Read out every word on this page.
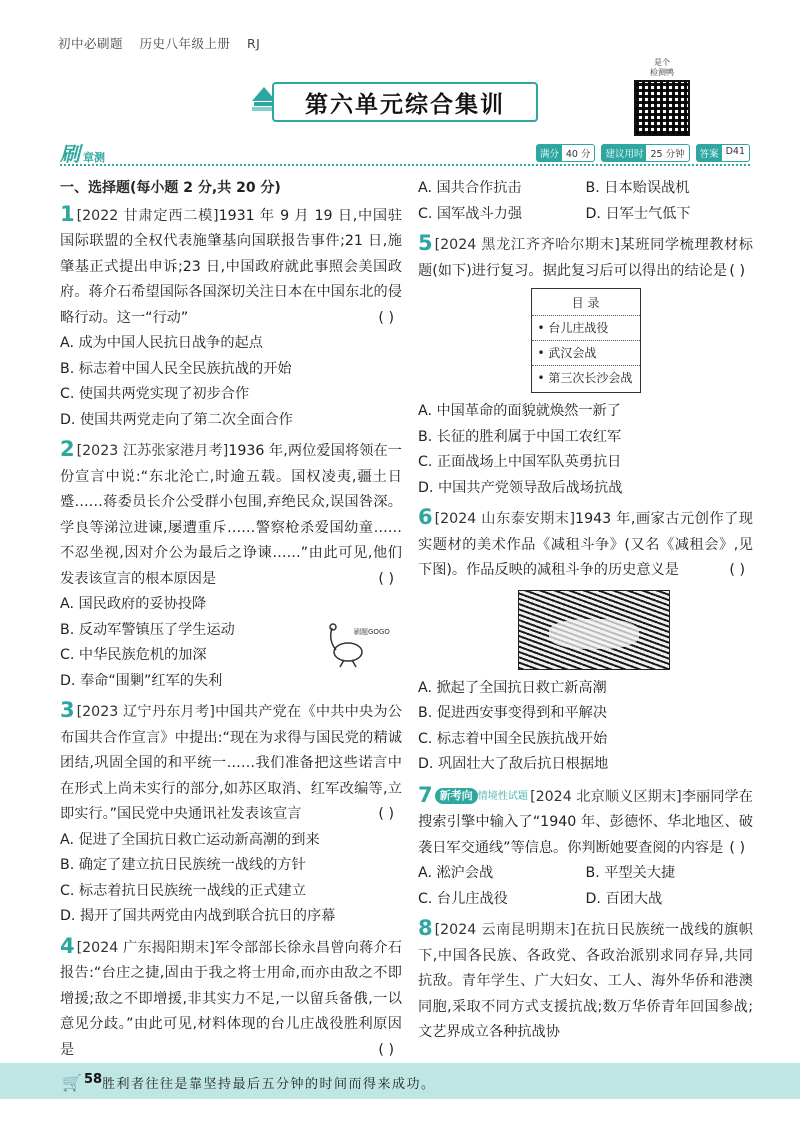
初中必刷题 历史八年级上册 RJ
第六单元综合集训
是个
检测鸭
刷章测	满分 40 分	建议用时 25 分钟	答案 D41
一、选择题(每小题 2 分,共 20 分)

1 [2022 甘肃定西二模]1931 年 9 月 19 日,中国驻国际联盟的全权代表施肇基向国联报告事件;21 日,施肇基正式提出申诉;23 日,中国政府就此事照会美国政府。蒋介石希望国际各国深切关注日本在中国东北的侵略行动。这一“行动”	( )

A. 成为中国人民抗日战争的起点

B. 标志着中国人民全民族抗战的开始

C. 使国共两党实现了初步合作

D. 使国共两党走向了第二次全面合作

2 [2023 江苏张家港月考]1936 年,两位爱国将领在一份宣言中说:“东北沦亡,时逾五载。国权凌夷,疆土日蹙……蒋委员长介公受群小包围,弃绝民众,误国咎深。学良等涕泣进谏,屡遭重斥……警察枪杀爱国幼童……不忍坐视,因对介公为最后之诤谏……”由此可见,他们发表该宣言的根本原因是	( )

A. 国民政府的妥协投降

B. 反动军警镇压了学生运动

C. 中华民族危机的加深

D. 奉命“围剿”红军的失利

3 [2023 辽宁丹东月考]中国共产党在《中共中央为公布国共合作宣言》中提出:“现在为求得与国民党的精诚团结,巩固全国的和平统一……我们准备把这些诺言中在形式上尚未实行的部分,如苏区取消、红军改编等,立即实行。”国民党中央通讯社发表该宣言	( )

A. 促进了全国抗日救亡运动新高潮的到来

B. 确定了建立抗日民族统一战线的方针

C. 标志着抗日民族统一战线的正式建立

D. 揭开了国共两党由内战到联合抗日的序幕

4 [2024 广东揭阳期末]军令部部长徐永昌曾向蒋介石报告:“台庄之捷,固由于我之将士用命,而亦由敌之不即增援;敌之不即增援,非其实力不足,一以留兵备俄,一以意见分歧。”由此可见,材料体现的台儿庄战役胜利原因是	( )

刷题GOGO

A. 国共合作抗击	B. 日本贻误战机

C. 国军战斗力强	D. 日军士气低下

5 [2024 黑龙江齐齐哈尔期末]某班同学梳理教材标题(如下)进行复习。据此复习后可以得出的结论是 ( )

目 录
• 台儿庄战役
• 武汉会战
• 第三次长沙会战

A. 中国革命的面貌就焕然一新了

B. 长征的胜利属于中国工农红军

C. 正面战场上中国军队英勇抗日

D. 中国共产党领导敌后战场抗战

6 [2024 山东泰安期末]1943 年,画家古元创作了现实题材的美术作品《减租斗争》(又名《减租会》,见下图)。作品反映的减租斗争的历史意义是	( )

A. 掀起了全国抗日救亡新高潮

B. 促进西安事变得到和平解决

C. 标志着中国全民族抗战开始

D. 巩固壮大了敌后抗日根据地

7 新考向 情境性试题 [2024 北京顺义区期末]李丽同学在搜索引擎中输入了“1940 年、彭德怀、华北地区、破袭日军交通线”等信息。你判断她要查阅的内容是 ( )

A. 淞沪会战	B. 平型关大捷

C. 台儿庄战役	D. 百团大战

8 [2024 云南昆明期末]在抗日民族统一战线的旗帜下,中国各民族、各政党、各政治派别求同存异,共同抗敌。青年学生、广大妇女、工人、海外华侨和港澳同胞,采取不同方式支援抗战;数万华侨青年回国参战;文艺界成立各种抗战协

🛒 58 胜利者往往是靠坚持最后五分钟的时间而得来成功。
